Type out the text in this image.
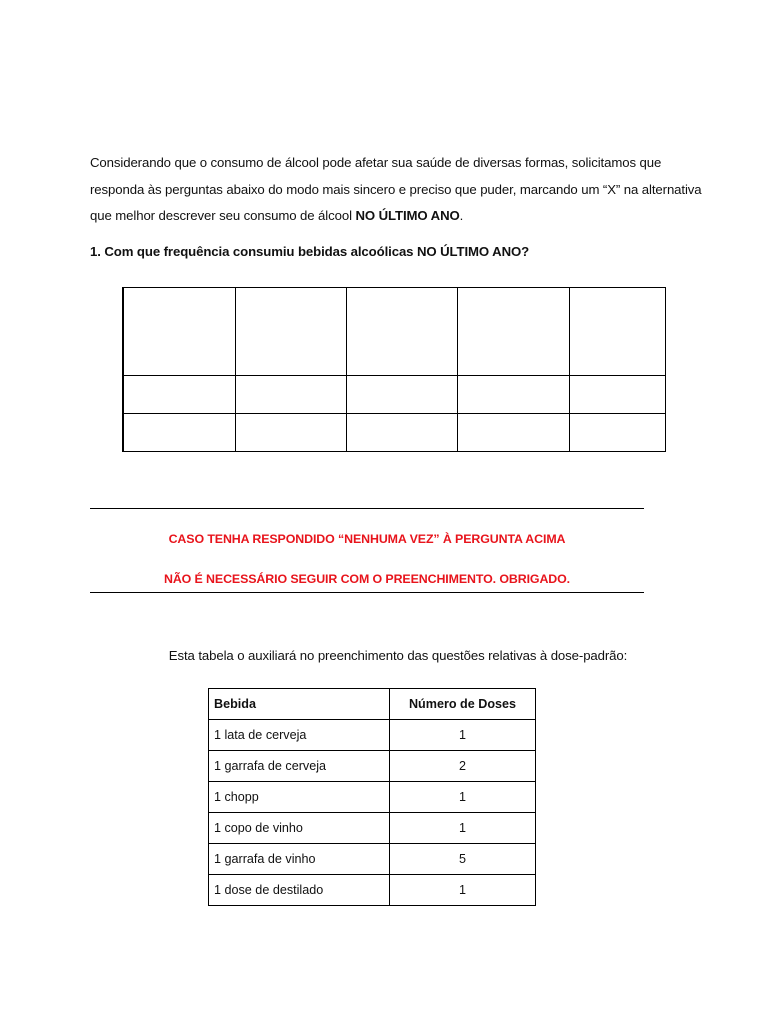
Considerando que o consumo de álcool pode afetar sua saúde de diversas formas, solicitamos que responda às perguntas abaixo do modo mais sincero e preciso que puder, marcando um “X” na alternativa que melhor descrever seu consumo de álcool NO ÚLTIMO ANO.
1. Com que frequência consumiu bebidas alcoólicas NO ÚLTIMO ANO?

CASO TENHA RESPONDIDO “NENHUMA VEZ” À PERGUNTA ACIMA
NÃO É NECESSÁRIO SEGUIR COM O PREENCHIMENTO. OBRIGADO.
Esta tabela o auxiliará no preenchimento das questões relativas à dose-padrão:
Bebida	Número de Doses
1 lata de cerveja	1
1 garrafa de cerveja	2
1 chopp	1
1 copo de vinho	1
1 garrafa de vinho	5
1 dose de destilado	1
